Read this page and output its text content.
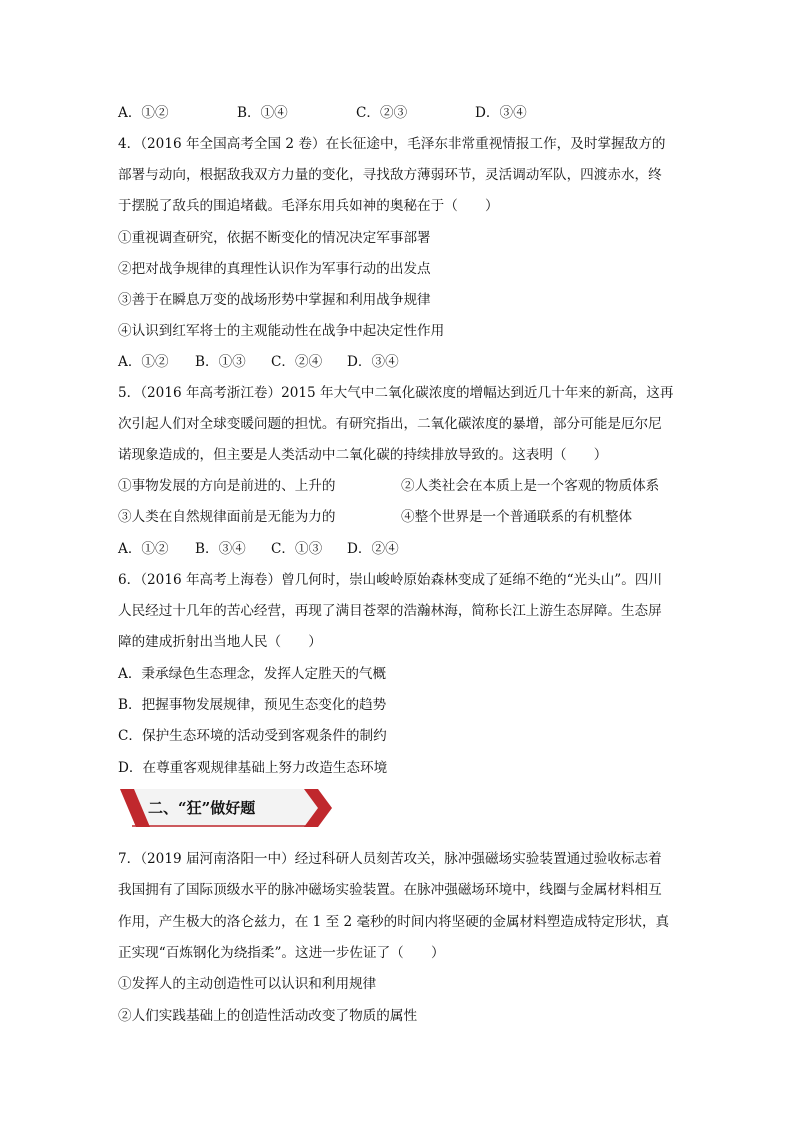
A．①②	B．①④	C．②③	D．③④
4．（2016 年全国高考全国 2 卷）在长征途中，毛泽东非常重视情报工作，及时掌握敌方的
部署与动向，根据敌我双方力量的变化，寻找敌方薄弱环节，灵活调动军队，四渡赤水，终
于摆脱了敌兵的围追堵截。毛泽东用兵如神的奥秘在于（　　）
①重视调查研究，依据不断变化的情况决定军事部署
②把对战争规律的真理性认识作为军事行动的出发点
③善于在瞬息万变的战场形势中掌握和利用战争规律
④认识到红军将士的主观能动性在战争中起决定性作用
A．①② B．①③ C．②④ D．③④
5．（2016 年高考浙江卷）2015 年大气中二氧化碳浓度的增幅达到近几十年来的新高，这再
次引起人们对全球变暖问题的担忧。有研究指出，二氧化碳浓度的暴增，部分可能是厄尔尼
诺现象造成的，但主要是人类活动中二氧化碳的持续排放导致的。这表明（　　）
①事物发展的方向是前进的、上升的	②人类社会在本质上是一个客观的物质体系
③人类在自然规律面前是无能为力的	④整个世界是一个普通联系的有机整体
A．①② B．③④ C．①③ D．②④
6．（2016 年高考上海卷）曾几何时，崇山峻岭原始森林变成了延绵不绝的“光头山”。四川
人民经过十几年的苦心经营，再现了满目苍翠的浩瀚林海，简称长江上游生态屏障。生态屏
障的建成折射出当地人民（　　）
A．秉承绿色生态理念，发挥人定胜天的气概
B．把握事物发展规律，预见生态变化的趋势
C．保护生态环境的活动受到客观条件的制约
D．在尊重客观规律基础上努力改造生态环境
二、“狂”做好题
7．（2019 届河南洛阳一中）经过科研人员刻苦攻关，脉冲强磁场实验装置通过验收标志着
我国拥有了国际顶级水平的脉冲磁场实验装置。在脉冲强磁场环境中，线圈与金属材料相互
作用，产生极大的洛仑兹力，在 1 至 2 毫秒的时间内将坚硬的金属材料塑造成特定形状，真
正实现“百炼钢化为绕指柔”。这进一步佐证了（　　）
①发挥人的主动创造性可以认识和利用规律
②人们实践基础上的创造性活动改变了物质的属性
